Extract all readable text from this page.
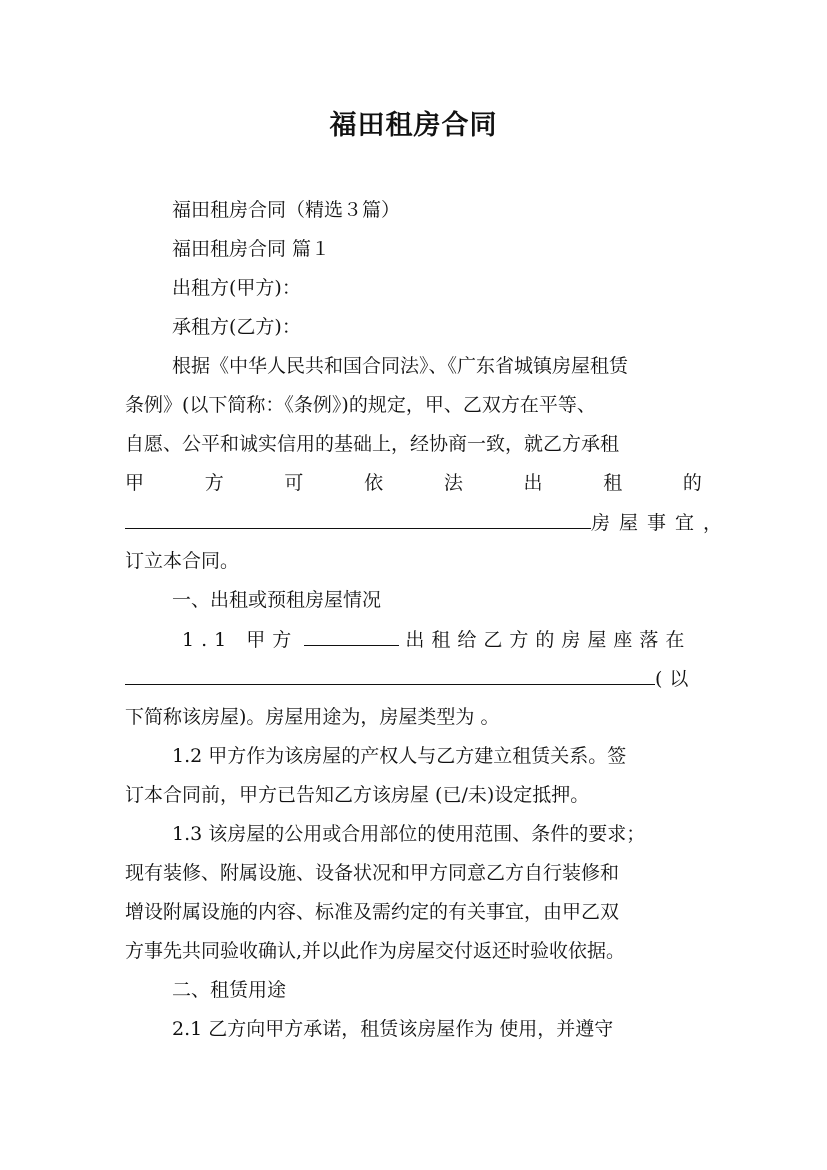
福田租房合同
福田租房合同（精选３篇）
福田租房合同 篇１
出租方(甲方)：
承租方(乙方)：
根据《中华人民共和国合同法》、《广东省城镇房屋租赁
条例》(以下简称：《条例》)的规定，甲、乙双方在平等、
自愿、公平和诚实信用的基础上，经协商一致，就乙方承租
甲	方	可	依	法	出	租	的
房屋事宜，
订立本合同。
一、出租或预租房屋情况
1.1 甲方	出租给乙方的房屋座落在
(以
下简称该房屋)。房屋用途为，房屋类型为 。
1.2 甲方作为该房屋的产权人与乙方建立租赁关系。签
订本合同前，甲方已告知乙方该房屋 (已/未)设定抵押。
1.3 该房屋的公用或合用部位的使用范围、条件的要求；
现有装修、附属设施、设备状况和甲方同意乙方自行装修和
增设附属设施的内容、标准及需约定的有关事宜，由甲乙双
方事先共同验收确认,并以此作为房屋交付返还时验收依据。
二、租赁用途
2.1 乙方向甲方承诺，租赁该房屋作为 使用，并遵守
